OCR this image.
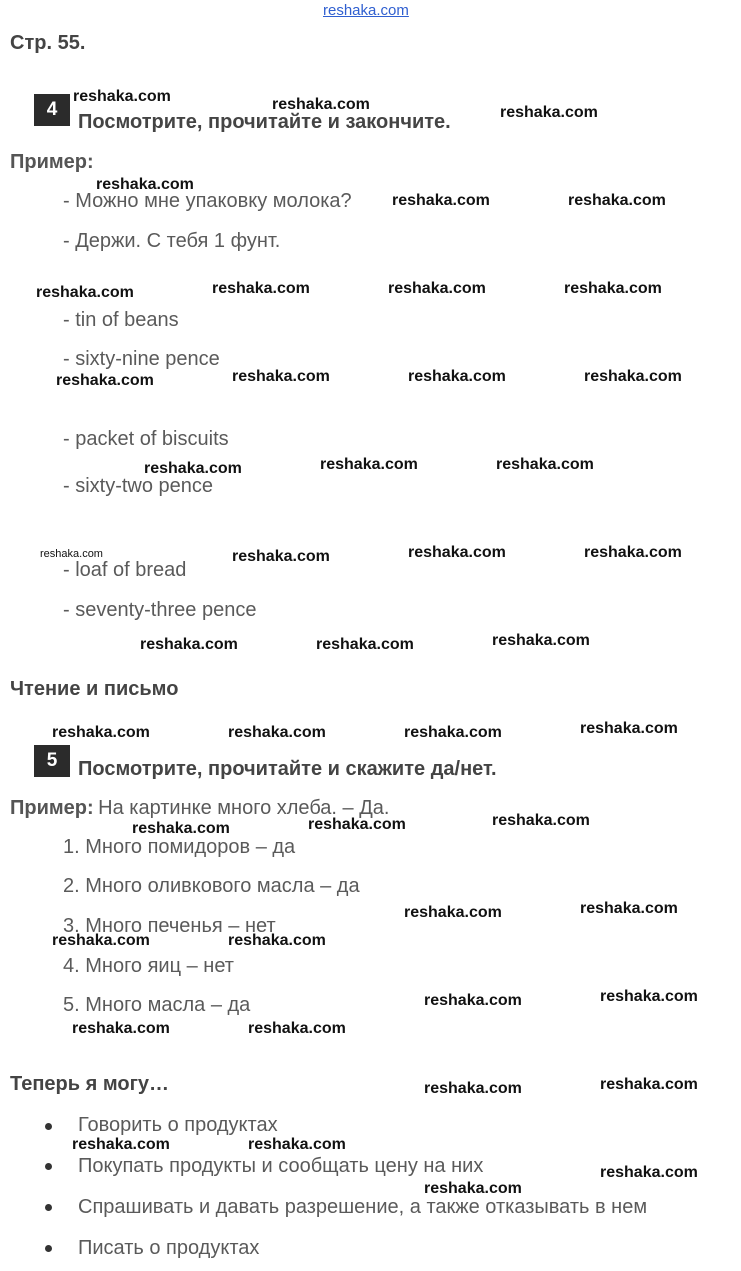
reshaka.com
Стр. 55.
4
Посмотрите, прочитайте и закончите.
Пример:
- Можно мне упаковку молока?
- Держи. С тебя 1 фунт.
- tin of beans
- sixty-nine pence
- packet of biscuits
- sixty-two pence
- loaf of bread
- seventy-three pence
Чтение и письмо
5	Посмотрите, прочитайте и скажите да/нет.
Пример: На картинке много хлеба. – Да.
1. Много помидоров – да
2. Много оливкового масла – да
3. Много печенья – нет
4. Много яиц – нет
5. Много масла – да
Теперь я могу…
Говорить о продуктах
Покупать продукты и сообщать цену на них
Спрашивать и давать разрешение, а также отказывать в нем
Писать о продуктах
reshaka.com	reshaka.com	reshaka.com
reshaka.com
reshaka.com	reshaka.com
reshaka.com	reshaka.com	reshaka.com	reshaka.com
reshaka.com	reshaka.com	reshaka.com	reshaka.com
reshaka.com	reshaka.com	reshaka.com
reshaka.com	reshaka.com	reshaka.com
reshaka.com	reshaka.com	reshaka.com
reshaka.com	reshaka.com	reshaka.com	reshaka.com
reshaka.com	reshaka.com	reshaka.com
reshaka.com	reshaka.com
reshaka.com	reshaka.com
reshaka.com	reshaka.com
reshaka.com	reshaka.com
reshaka.com	reshaka.com
reshaka.com	reshaka.com
reshaka.com
reshaka.com
reshaka.com
